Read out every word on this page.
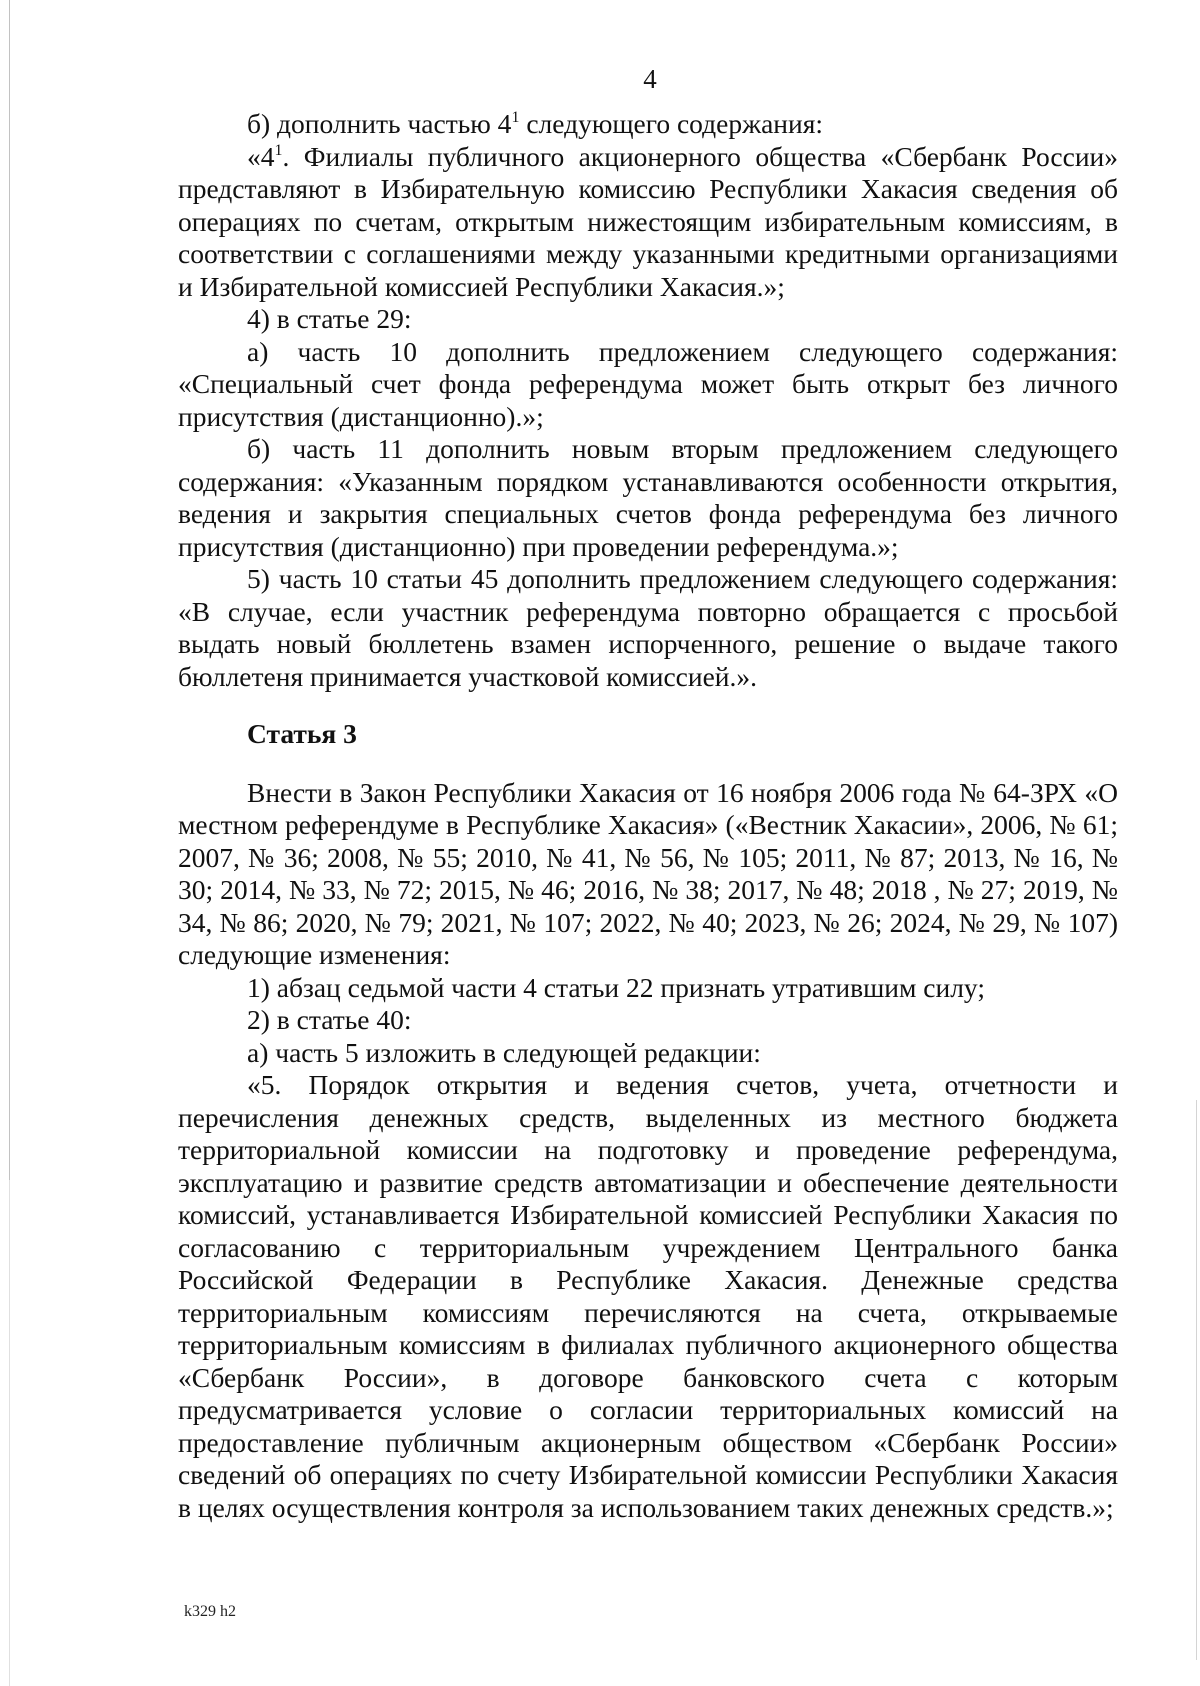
4

б) дополнить частью $4^1$ следующего содержания:

«$4^1$. Филиалы публичного акционерного общества «Сбербанк России» представляют в Избирательную комиссию Республики Хакасия сведения об операциях по счетам, открытым нижестоящим избирательным комиссиям, в соответствии с соглашениями между указанными кредитными организациями и Избирательной комиссией Республики Хакасия.»;

4) в статье 29:

а) часть 10 дополнить предложением следующего содержания: «Специальный счет фонда референдума может быть открыт без личного присутствия (дистанционно).»;

б) часть 11 дополнить новым вторым предложением следующего содержания: «Указанным порядком устанавливаются особенности открытия, ведения и закрытия специальных счетов фонда референдума без личного присутствия (дистанционно) при проведении референдума.»;

5) часть 10 статьи 45 дополнить предложением следующего содержания: «В случае, если участник референдума повторно обращается с просьбой выдать новый бюллетень взамен испорченного, решение о выдаче такого бюллетеня принимается участковой комиссией.».

Статья 3

Внести в Закон Республики Хакасия от 16 ноября 2006 года № 64-ЗРХ «О местном референдуме в Республике Хакасия» («Вестник Хакасии», 2006, № 61; 2007, № 36; 2008, № 55; 2010, № 41, № 56, № 105; 2011, № 87; 2013, № 16, № 30; 2014, № 33, № 72; 2015, № 46; 2016, № 38; 2017, № 48; 2018 , № 27; 2019, № 34, № 86; 2020, № 79; 2021, № 107; 2022, № 40; 2023, № 26; 2024, № 29, № 107) следующие изменения:

1) абзац седьмой части 4 статьи 22 признать утратившим силу;

2) в статье 40:

а) часть 5 изложить в следующей редакции:

«5. Порядок открытия и ведения счетов, учета, отчетности и перечисления денежных средств, выделенных из местного бюджета территориальной комиссии на подготовку и проведение референдума, эксплуатацию и развитие средств автоматизации и обеспечение деятельности комиссий, устанавливается Избирательной комиссией Республики Хакасия по согласованию с территориальным учреждением Центрального банка Российской Федерации в Республике Хакасия. Денежные средства территориальным комиссиям перечисляются на счета, открываемые территориальным комиссиям в филиалах публичного акционерного общества «Сбербанк России», в договоре банковского счета с которым предусматривается условие о согласии территориальных комиссий на предоставление публичным акционерным обществом «Сбербанк России» сведений об операциях по счету Избирательной комиссии Республики Хакасия в целях осуществления контроля за использованием таких денежных средств.»;

k329 h2
